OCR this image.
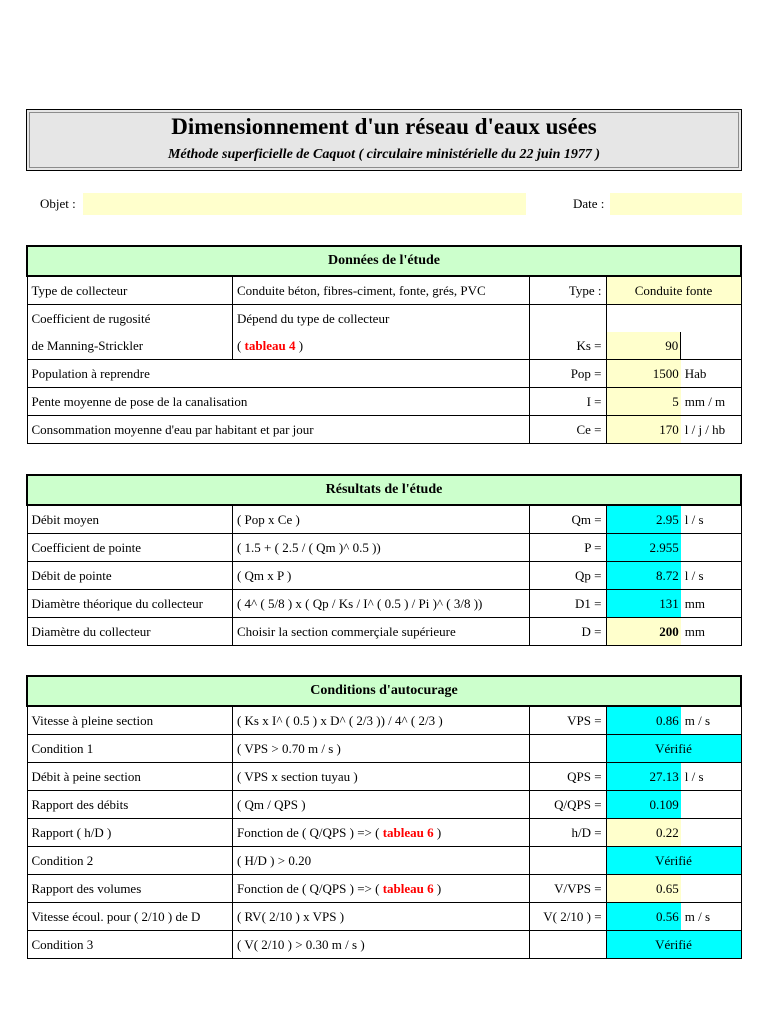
Dimensionnement d'un réseau d'eaux usées
Méthode superficielle de Caquot ( circulaire ministérielle du 22 juin 1977 )
Objet :	Date :
Données de l'étude				
Type de collecteur	Conduite béton, fibres-ciment, fonte, grés, PVC	Type :	Conduite fonte	
Coefficient de rugosité	Dépend du type de collecteur			
de Manning-Strickler	( tableau 4 )	Ks =	90	

Population à reprendre		Pop =	1500	Hab
Pente moyenne de pose de la canalisation		I =	5	mm / m
Consommation moyenne d'eau par habitant et par jour		Ce =	170	l / j / hb
Résultats de l'étude				
Débit moyen	( Pop x Ce )	Qm =	2.95	l / s
Coefficient de pointe	( 1.5 + ( 2.5 / ( Qm )^ 0.5 ))	P =	2.955	

Débit de pointe	( Qm x P )	Qp =	8.72	l / s
Diamètre théorique du collecteur	( 4^ ( 5/8 ) x ( Qp / Ks / I^ ( 0.5 ) / Pi )^ ( 3/8 ))	D1 =	131	mm
Diamètre du collecteur	Choisir la section commerçiale supérieure	D =	200	mm
Conditions d'autocurage				
Vitesse à pleine section	( Ks x I^ ( 0.5 ) x D^ ( 2/3 )) / 4^ ( 2/3 )	VPS =	0.86	m / s
Condition 1	( VPS > 0.70 m / s )		Vérifié	
Débit à peine section	( VPS x section tuyau )	QPS =	27.13	l / s
Rapport des débits	( Qm / QPS )	Q/QPS =	0.109	

Rapport ( h/D )	Fonction de ( Q/QPS ) => ( tableau 6 )	h/D =	0.22	

Condition 2	( H/D ) > 0.20		Vérifié	
Rapport des volumes	Fonction de ( Q/QPS ) => ( tableau 6 )	V/VPS =	0.65	

Vitesse écoul. pour ( 2/10 ) de D	( RV( 2/10 ) x VPS )	V( 2/10 ) =	0.56	m / s
Condition 3	( V( 2/10 ) > 0.30 m / s )		Vérifié	
